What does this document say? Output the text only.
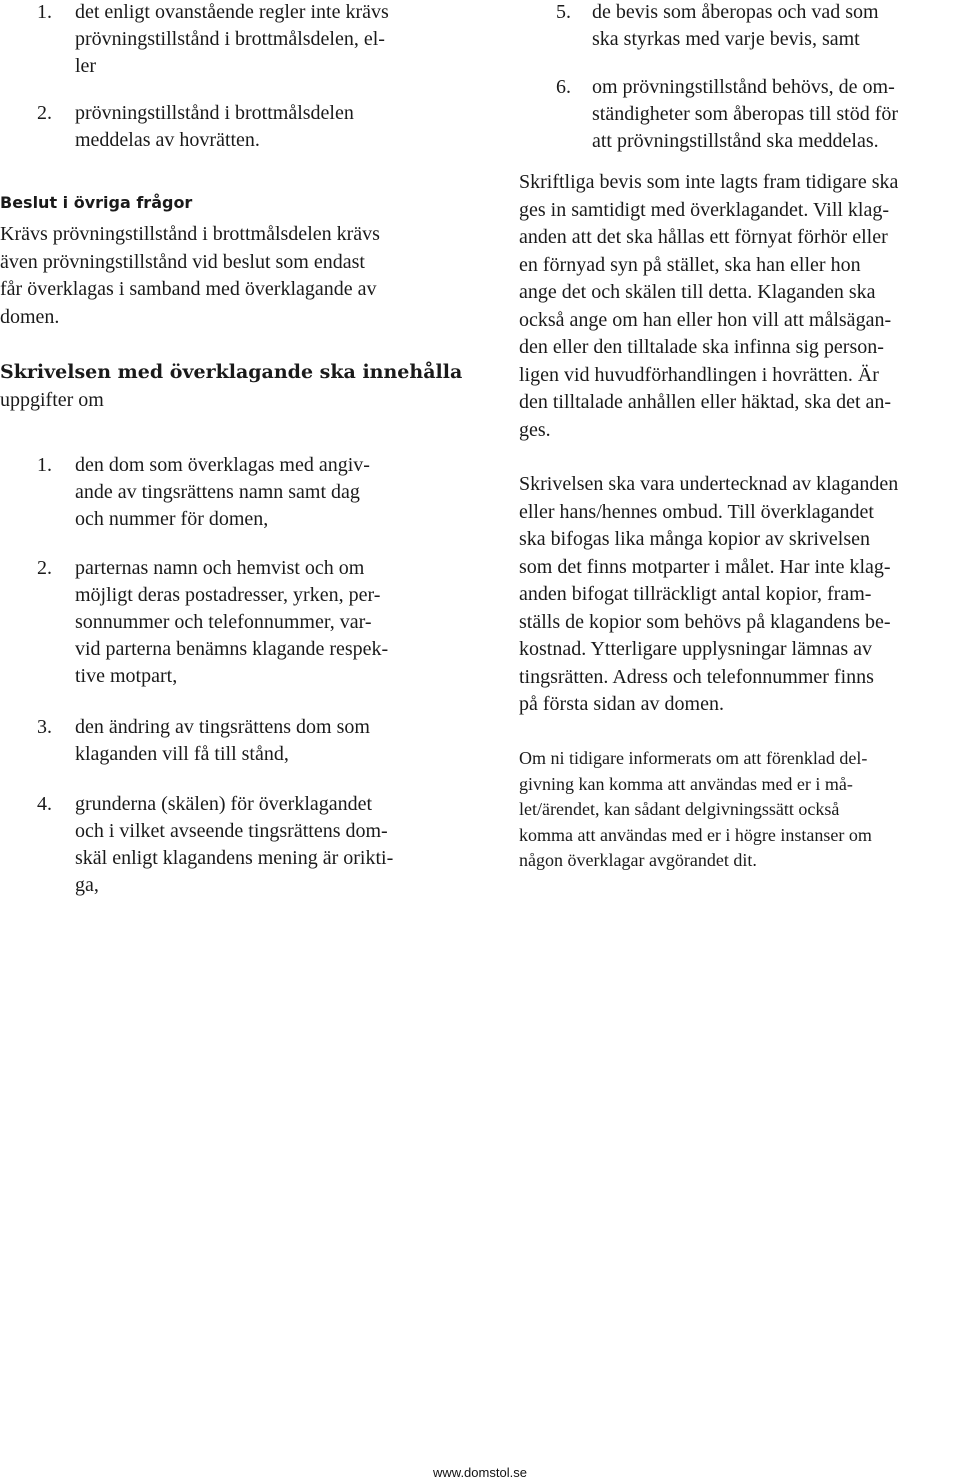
1. det enligt ovanstående regler inte krävs
prövningstillstånd i brottmålsdelen, el-
ler
2. prövningstillstånd i brottmålsdelen
meddelas av hovrätten.
Beslut i övriga frågor
Krävs prövningstillstånd i brottmålsdelen krävs
även prövningstillstånd vid beslut som endast
får överklagas i samband med överklagande av
domen.
Skrivelsen med överklagande ska innehålla
uppgifter om
1. den dom som överklagas med angiv-
ande av tingsrättens namn samt dag
och nummer för domen,
2. parternas namn och hemvist och om
möjligt deras postadresser, yrken, per-
sonnummer och telefonnummer, var-
vid parterna benämns klagande respek-
tive motpart,
3. den ändring av tingsrättens dom som
klaganden vill få till stånd,
4. grunderna (skälen) för överklagandet
och i vilket avseende tingsrättens dom-
skäl enligt klagandens mening är orikti-
ga,
5. de bevis som åberopas och vad som
ska styrkas med varje bevis, samt
6. om prövningstillstånd behövs, de om-
ständigheter som åberopas till stöd för
att prövningstillstånd ska meddelas.
Skriftliga bevis som inte lagts fram tidigare ska
ges in samtidigt med överklagandet. Vill klag-
anden att det ska hållas ett förnyat förhör eller
en förnyad syn på stället, ska han eller hon
ange det och skälen till detta. Klaganden ska
också ange om han eller hon vill att målsägan-
den eller den tilltalade ska infinna sig person-
ligen vid huvudförhandlingen i hovrätten. Är
den tilltalade anhållen eller häktad, ska det an-
ges.
Skrivelsen ska vara undertecknad av klaganden
eller hans/hennes ombud. Till överklagandet
ska bifogas lika många kopior av skrivelsen
som det finns motparter i målet. Har inte klag-
anden bifogat tillräckligt antal kopior, fram-
ställs de kopior som behövs på klagandens be-
kostnad. Ytterligare upplysningar lämnas av
tingsrätten. Adress och telefonnummer finns
på första sidan av domen.
Om ni tidigare informerats om att förenklad del-
givning kan komma att användas med er i må-
let/ärendet, kan sådant delgivningssätt också
komma att användas med er i högre instanser om
någon överklagar avgörandet dit.
www.domstol.se
